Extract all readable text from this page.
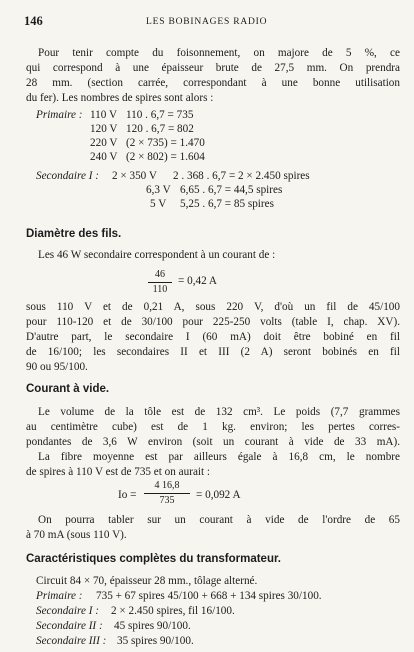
146	LES BOBINAGES RADIO
Pour tenir compte du foisonnement, on majore de 5 %, ce
qui correspond à une épaisseur brute de 27,5 mm. On prendra
28 mm. (section carrée, correspondant à une bonne utilisation
du fer). Les nombres de spires sont alors :
Primaire : 110 V 110 . 6,7 = 735
120 V 120 . 6,7 = 802
220 V (2 × 735) = 1.470
240 V (2 × 802) = 1.604
Secondaire I : 2 × 350 V 2 . 368 . 6,7 = 2 × 2.450 spires
6,3 V 6,65 . 6,7 = 44,5 spires
5 V 5,25 . 6,7 = 85 spires
Diamètre des fils.
Les 46 W secondaire correspondent à un courant de :
46
110
= 0,42 A
sous 110 V et de 0,21 A, sous 220 V, d'où un fil de 45/100
pour 110-120 et de 30/100 pour 225-250 volts (table I, chap. XV).
D'autre part, le secondaire I (60 mA) doit être bobiné en fil
de 16/100; les secondaires II et III (2 A) seront bobinés en fil
90 ou 95/100.
Courant à vide.
Le volume de la tôle est de 132 cm³. Le poids (7,7 grammes
au centimètre cube) est de 1 kg. environ; les pertes corres-
pondantes de 3,6 W environ (soit un courant à vide de 33 mA).
La fibre moyenne est par ailleurs égale à 16,8 cm, le nombre
de spires à 110 V est de 735 et on aurait :
Io =
4 16,8
735	= 0,092 A
On pourra tabler sur un courant à vide de l'ordre de 65
à 70 mA (sous 110 V).
Caractéristiques complètes du transformateur.
Circuit 84 × 70, épaisseur 28 mm., tôlage alterné.
Primaire : 735 + 67 spires 45/100 + 668 + 134 spires 30/100.
Secondaire I : 2 × 2.450 spires, fil 16/100.
Secondaire II : 45 spires 90/100.
Secondaire III : 35 spires 90/100.
